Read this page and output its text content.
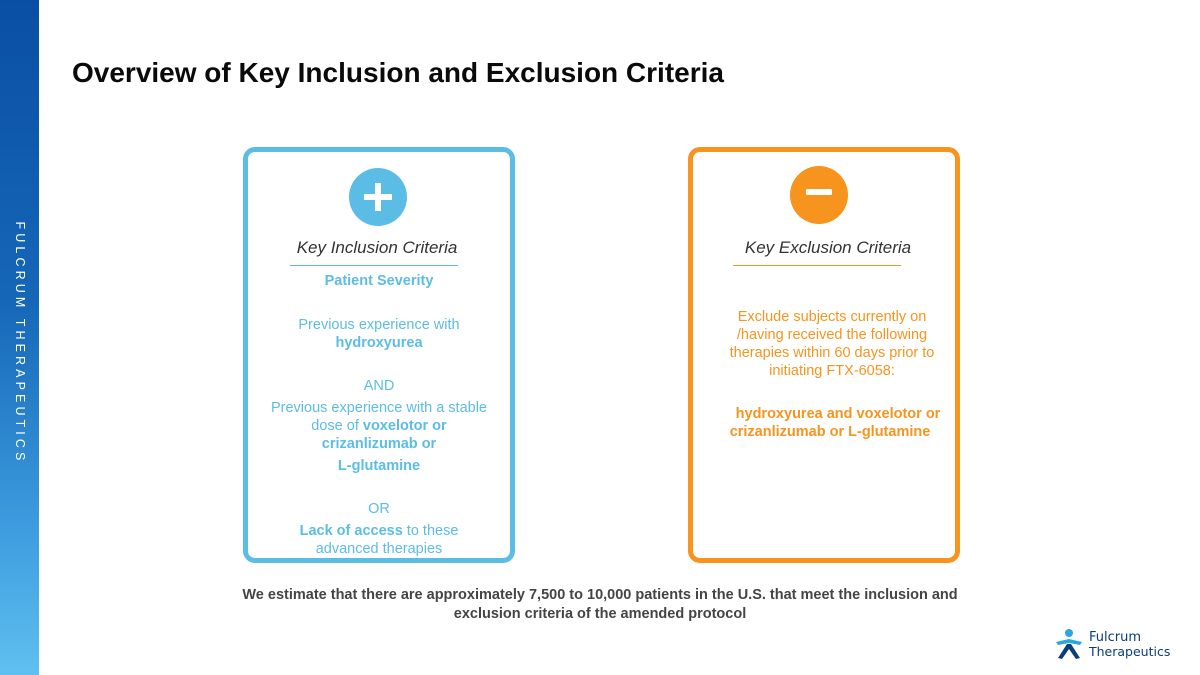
FULCRUM THERAPEUTICS
Overview of Key Inclusion and Exclusion Criteria
Key Inclusion Criteria
Patient Severity
Previous experience with
hydroxyurea
AND
Previous experience with a stable
dose of voxelotor or
crizanlizumab or
L-glutamine
OR
Lack of access to these
advanced therapies
Key Exclusion Criteria
Exclude subjects currently on
/having received the following
therapies within 60 days prior to
initiating FTX-6058:
hydroxyurea and voxelotor or
crizanlizumab or L-glutamine
We estimate that there are approximately 7,500 to 10,000 patients in the U.S. that meet the inclusion and
exclusion criteria of the amended protocol
Fulcrum
Therapeutics
